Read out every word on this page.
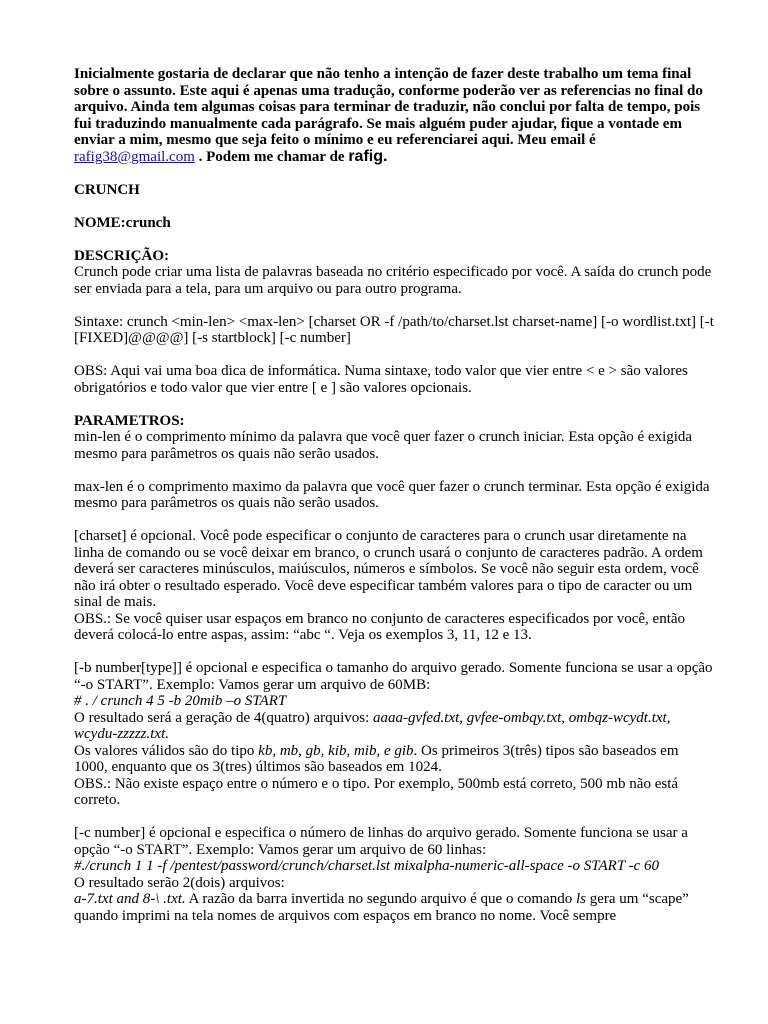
Inicialmente gostaria de declarar que não tenho a intenção de fazer deste trabalho um tema final sobre o assunto. Este aqui é apenas uma tradução, conforme poderão ver as referencias no final do arquivo. Ainda tem algumas coisas para terminar de traduzir, não conclui por falta de tempo, pois fui traduzindo manualmente cada parágrafo. Se mais alguém puder ajudar, fique a vontade em enviar a mim, mesmo que seja feito o mínimo e eu referenciarei aqui. Meu email é rafig38@gmail.com . Podem me chamar de rafig.

CRUNCH

NOME:crunch

DESCRIÇÃO:

Crunch pode criar uma lista de palavras baseada no critério especificado por você. A saída do crunch pode ser enviada para a tela, para um arquivo ou para outro programa.

Sintaxe: crunch <min-len> <max-len> [charset OR -f /path/to/charset.lst charset-name] [-o wordlist.txt] [-t [FIXED]@@@@] [-s startblock] [-c number]

OBS: Aqui vai uma boa dica de informática. Numa sintaxe, todo valor que vier entre < e > são valores obrigatórios e todo valor que vier entre [ e ] são valores opcionais.

PARAMETROS:

min-len é o comprimento mínimo da palavra que você quer fazer o crunch iniciar. Esta opção é exigida mesmo para parâmetros os quais não serão usados.

max-len é o comprimento maximo da palavra que você quer fazer o crunch terminar. Esta opção é exigida mesmo para parâmetros os quais não serão usados.

[charset] é opcional. Você pode especificar o conjunto de caracteres para o crunch usar diretamente na linha de comando ou se você deixar em branco, o crunch usará o conjunto de caracteres padrão. A ordem deverá ser caracteres minúsculos, maiúsculos, números e símbolos. Se você não seguir esta ordem, você não irá obter o resultado esperado. Você deve especificar também valores para o tipo de caracter ou um sinal de mais.

OBS.: Se você quiser usar espaços em branco no conjunto de caracteres especificados por você, então deverá colocá-lo entre aspas, assim: “abc “. Veja os exemplos 3, 11, 12 e 13.

[-b number[type]] é opcional e especifica o tamanho do arquivo gerado. Somente funciona se usar a opção “-o START”. Exemplo: Vamos gerar um arquivo de 60MB:

# . / crunch 4 5 -b 20mib –o START

O resultado será a geração de 4(quatro) arquivos: aaaa-gvfed.txt, gvfee-ombqy.txt, ombqz-wcydt.txt, wcydu-zzzzz.txt.

Os valores válidos são do tipo kb, mb, gb, kib, mib, e gib. Os primeiros 3(três) tipos são baseados em 1000, enquanto que os 3(tres) últimos são baseados em 1024.

OBS.: Não existe espaço entre o número e o tipo. Por exemplo, 500mb está correto, 500 mb não está correto.

[-c number] é opcional e especifica o número de linhas do arquivo gerado. Somente funciona se usar a opção “-o START”. Exemplo: Vamos gerar um arquivo de 60 linhas:

#./crunch 1 1 -f /pentest/password/crunch/charset.lst mixalpha-numeric-all-space -o START -c 60

O resultado serão 2(dois) arquivos:

a-7.txt and 8-\ .txt. A razão da barra invertida no segundo arquivo é que o comando ls gera um “scape” quando imprimi na tela nomes de arquivos com espaços em branco no nome. Você sempre
